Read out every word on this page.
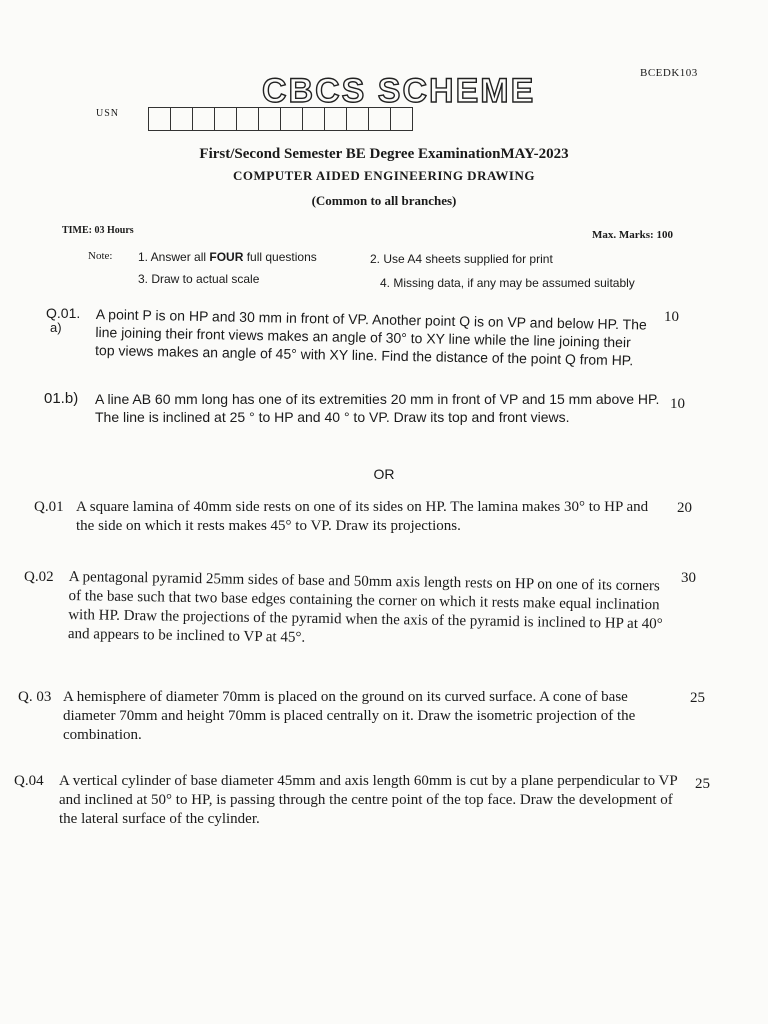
BCEDK103
CBCS SCHEME
USN
First/Second Semester BE Degree ExaminationMAY-2023
COMPUTER AIDED ENGINEERING DRAWING
(Common to all branches)
TIME: 03 Hours	Max. Marks: 100
Note: 1. Answer all FOUR full questions	2. Use A4 sheets supplied for print
3. Draw to actual scale	4. Missing data, if any may be assumed suitably
Q.01.
a) A point P is on HP and 30 mm in front of VP. Another point Q is on VP and below HP. The line joining their front views makes an angle of 30° to XY line while the line joining their top views makes an angle of 45° with XY line. Find the distance of the point Q from HP.
10
01.b) A line AB 60 mm long has one of its extremities 20 mm in front of VP and 15 mm above HP. The line is inclined at 25 ° to HP and 40 ° to VP. Draw its top and front views.
10
OR
Q.01 A square lamina of 40mm side rests on one of its sides on HP. The lamina makes 30° to HP and the side on which it rests makes 45° to VP. Draw its projections.
20
Q.02 A pentagonal pyramid 25mm sides of base and 50mm axis length rests on HP on one of its corners of the base such that two base edges containing the corner on which it rests make equal inclination with HP. Draw the projections of the pyramid when the axis of the pyramid is inclined to HP at 40° and appears to be inclined to VP at 45°.
30
Q. 03 A hemisphere of diameter 70mm is placed on the ground on its curved surface. A cone of base diameter 70mm and height 70mm is placed centrally on it. Draw the isometric projection of the combination.
25
Q.04 A vertical cylinder of base diameter 45mm and axis length 60mm is cut by a plane perpendicular to VP and inclined at 50° to HP, is passing through the centre point of the top face. Draw the development of the lateral surface of the cylinder.
25
